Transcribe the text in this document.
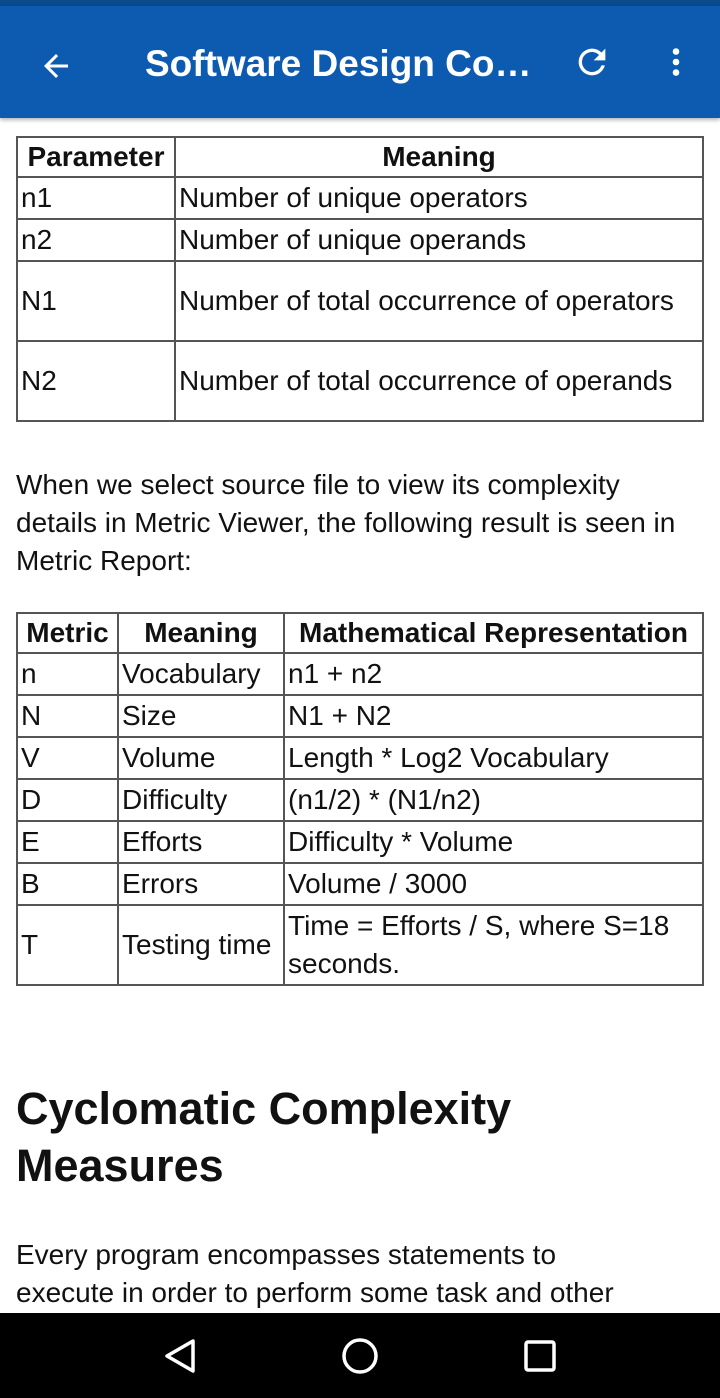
Software Design Co…
Parameter	Meaning
n1	Number of unique operators
n2	Number of unique operands
N1	Number of total occurrence of operators
N2	Number of total occurrence of operands
When we select source file to view its complexity details in Metric Viewer, the following result is seen in Metric Report:
Metric	Meaning	Mathematical Representation
n	Vocabulary	n1 + n2
N	Size	N1 + N2
V	Volume	Length * Log2 Vocabulary
D	Difficulty	(n1/2) * (N1/n2)
E	Efforts	Difficulty * Volume
B	Errors	Volume / 3000
T	Testing time	Time = Efforts / S, where S=18 seconds.
Cyclomatic Complexity Measures
Every program encompasses statements to
execute in order to perform some task and other
